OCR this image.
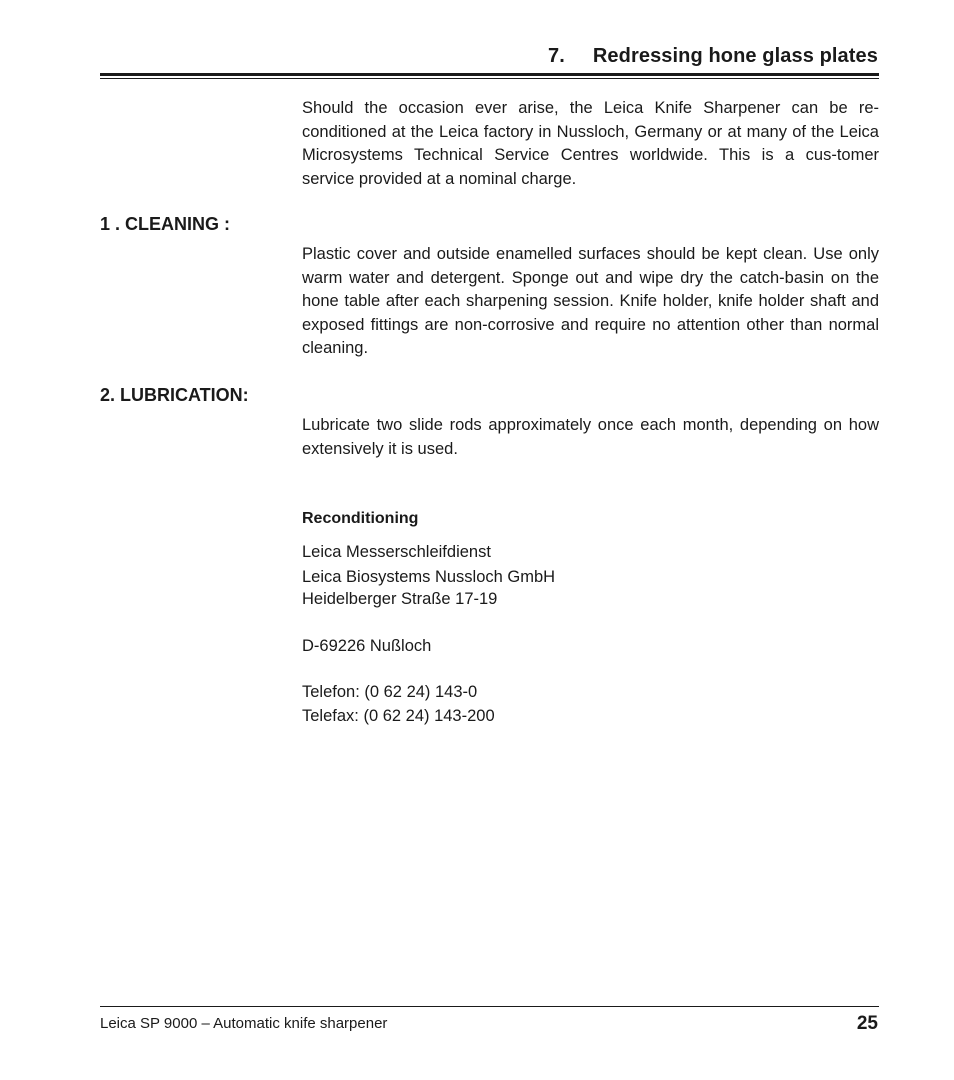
7. Redressing hone glass plates
Should the occasion ever arise, the Leica Knife Sharpener can be re-conditioned at the Leica factory in Nussloch, Germany or at many of the Leica Microsystems Technical Service Centres worldwide. This is a cus-tomer service provided at a nominal charge.
1 . CLEANING :
Plastic cover and outside enamelled surfaces should be kept clean. Use only warm water and detergent. Sponge out and wipe dry the catch-basin on the hone table after each sharpening session. Knife holder, knife holder shaft and exposed fittings are non-corrosive and require no attention other than normal cleaning.
2. LUBRICATION:
Lubricate two slide rods approximately once each month, depending on how extensively it is used.
Reconditioning
Leica Messerschleifdienst
Leica Biosystems Nussloch GmbH
Heidelberger Straße 17-19
D-69226 Nußloch
Telefon: (0 62 24) 143-0
Telefax: (0 62 24) 143-200
Leica SP 9000 – Automatic knife sharpener	25
